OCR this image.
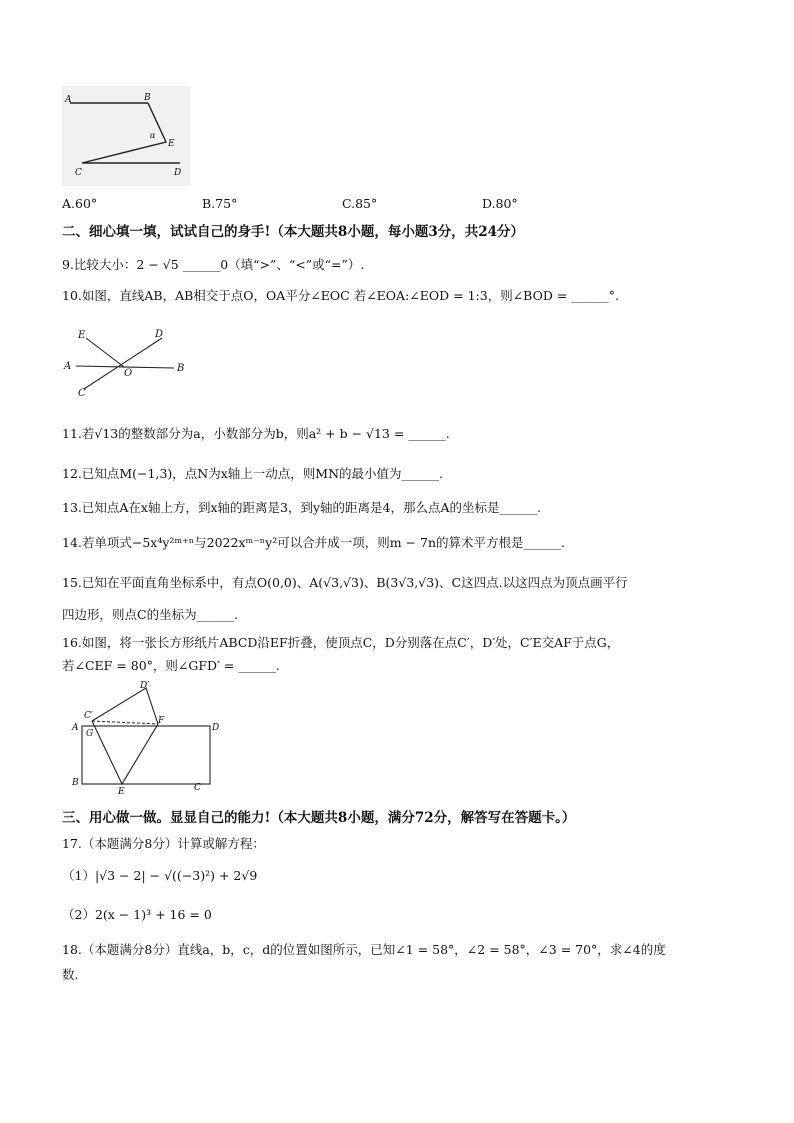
A	B
E
α
C	D
A.60°	B.75°	C.85°	D.80°
二、细心填一填，试试自己的身手!（本大题共8小题，每小题3分，共24分）
9.比较大小：2 − √5 ______0（填“>”、“<”或“=”）.
10.如图，直线AB，AB相交于点O，OA平分∠EOC 若∠EOA:∠EOD = 1:3，则∠BOD = ______°.
E	D
A
O	B
C
11.若√13的整数部分为a，小数部分为b，则a² + b − √13 = ______.
12.已知点M(−1,3)，点N为x轴上一动点，则MN的最小值为______.
13.已知点A在x轴上方，到x轴的距离是3，到y轴的距离是4，那么点A的坐标是______.
14.若单项式−5x⁴y²ᵐ⁺ⁿ与2022xᵐ⁻ⁿy²可以合并成一项，则m − 7n的算术平方根是______.
15.已知在平面直角坐标系中，有点O(0,0)、A(√3,√3)、B(3√3,√3)、C这四点.以这四点为顶点画平行
四边形，则点C的坐标为______.
16.如图，将一张长方形纸片ABCD沿EF折叠，使顶点C，D分别落在点C′，D′处，C′E交AF于点G，
若∠CEF = 80°，则∠GFD′ = ______.
D′
C′
A
G
F
D
B
E	C
三、用心做一做。显显自己的能力!（本大题共8小题，满分72分，解答写在答题卡。）
17.（本题满分8分）计算或解方程：
（1）|√3 − 2| − √((−3)²) + 2√9
（2）2(x − 1)³ + 16 = 0
18.（本题满分8分）直线a，b，c，d的位置如图所示，已知∠1 = 58°，∠2 = 58°，∠3 = 70°，求∠4的度
数.
